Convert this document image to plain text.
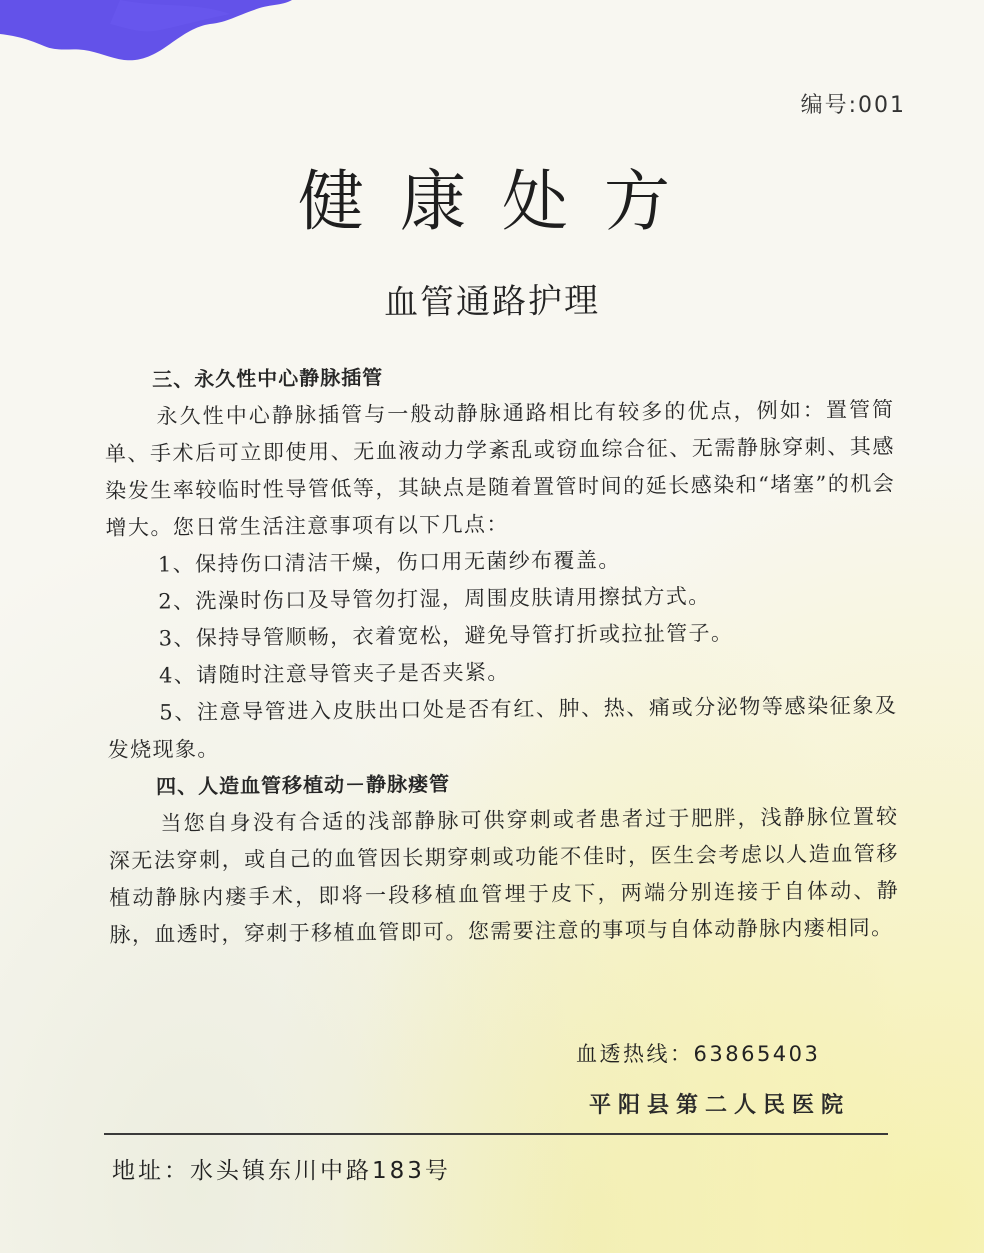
编号:001
健康处方
血管通路护理
三、永久性中心静脉插管
永久性中心静脉插管与一般动静脉通路相比有较多的优点，例如：置管简单、手术后可立即使用、无血液动力学紊乱或窃血综合征、无需静脉穿刺、其感染发生率较临时性导管低等，其缺点是随着置管时间的延长感染和“堵塞”的机会增大。您日常生活注意事项有以下几点：
1、保持伤口清洁干燥，伤口用无菌纱布覆盖。
2、洗澡时伤口及导管勿打湿，周围皮肤请用擦拭方式。
3、保持导管顺畅，衣着宽松，避免导管打折或拉扯管子。
4、请随时注意导管夹子是否夹紧。
5、注意导管进入皮肤出口处是否有红、肿、热、痛或分泌物等感染征象及发烧现象。
四、人造血管移植动－静脉瘘管
当您自身没有合适的浅部静脉可供穿刺或者患者过于肥胖，浅静脉位置较深无法穿刺，或自己的血管因长期穿刺或功能不佳时，医生会考虑以人造血管移植动静脉内瘘手术，即将一段移植血管埋于皮下，两端分别连接于自体动、静脉，血透时，穿刺于移植血管即可。您需要注意的事项与自体动静脉内瘘相同。
血透热线：63865403
平阳县第二人民医院
地址：水头镇东川中路183号
